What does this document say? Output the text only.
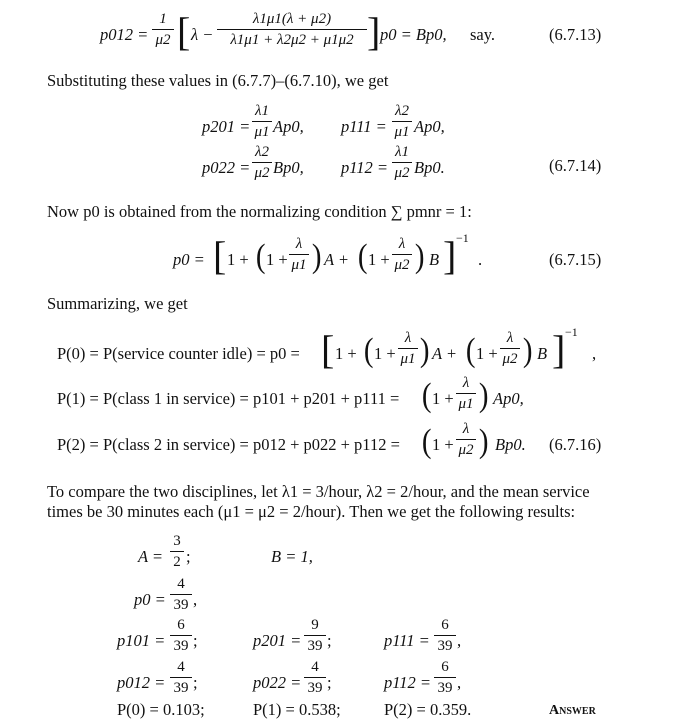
p012 =
1
μ2 [ λ −
λ1μ1(λ + μ2)
λ1μ1 + λ2μ2 + μ1μ2 ] p0 = Bp0, say.	(6.7.13)

Substituting these values in (6.7.7)–(6.7.10), we get

p201 =
λ1
μ1 Ap0, p111 =
λ2
μ1 Ap0,
p022 =
λ2
μ2 Bp0, p112 =
λ1
μ2 Bp0.	(6.7.14)

Now p0 is obtained from the normalizing condition ∑ pmnr = 1:

p0 = [ 1 + ( 1 +
λ
μ1 ) A + ( 1 +
λ
μ2 ) B ] −1
.	(6.7.15)

Summarizing, we get

P(0) = P(service counter idle) = p0 = [ 1 + ( 1 +
λ
μ1 ) A + ( 1 +
λ
μ2 ) B ] −1
,
P(1) = P(class 1 in service) = p101 + p201 + p111 = ( 1 +
λ
μ1 ) Ap0,
P(2) = P(class 2 in service) = p012 + p022 + p112 = ( 1 +
λ
μ2 ) Bp0. (6.7.16)

To compare the two disciplines, let λ1 = 3/hour, λ2 = 2/hour, and the mean service

times be 30 minutes each (μ1 = μ2 = 2/hour). Then we get the following results:

A =
3
2 ;	B = 1,
p0 =
4
39 ,
p101 =
6
39 ;	p201 =
9
39 ;	p111 =
6
39 ,
p012 =
4
39 ;	p022 =
4
39 ;	p112 =
6
39 ,
P(0) = 0.103;	P(1) = 0.538;	P(2) = 0.359.	Answer
